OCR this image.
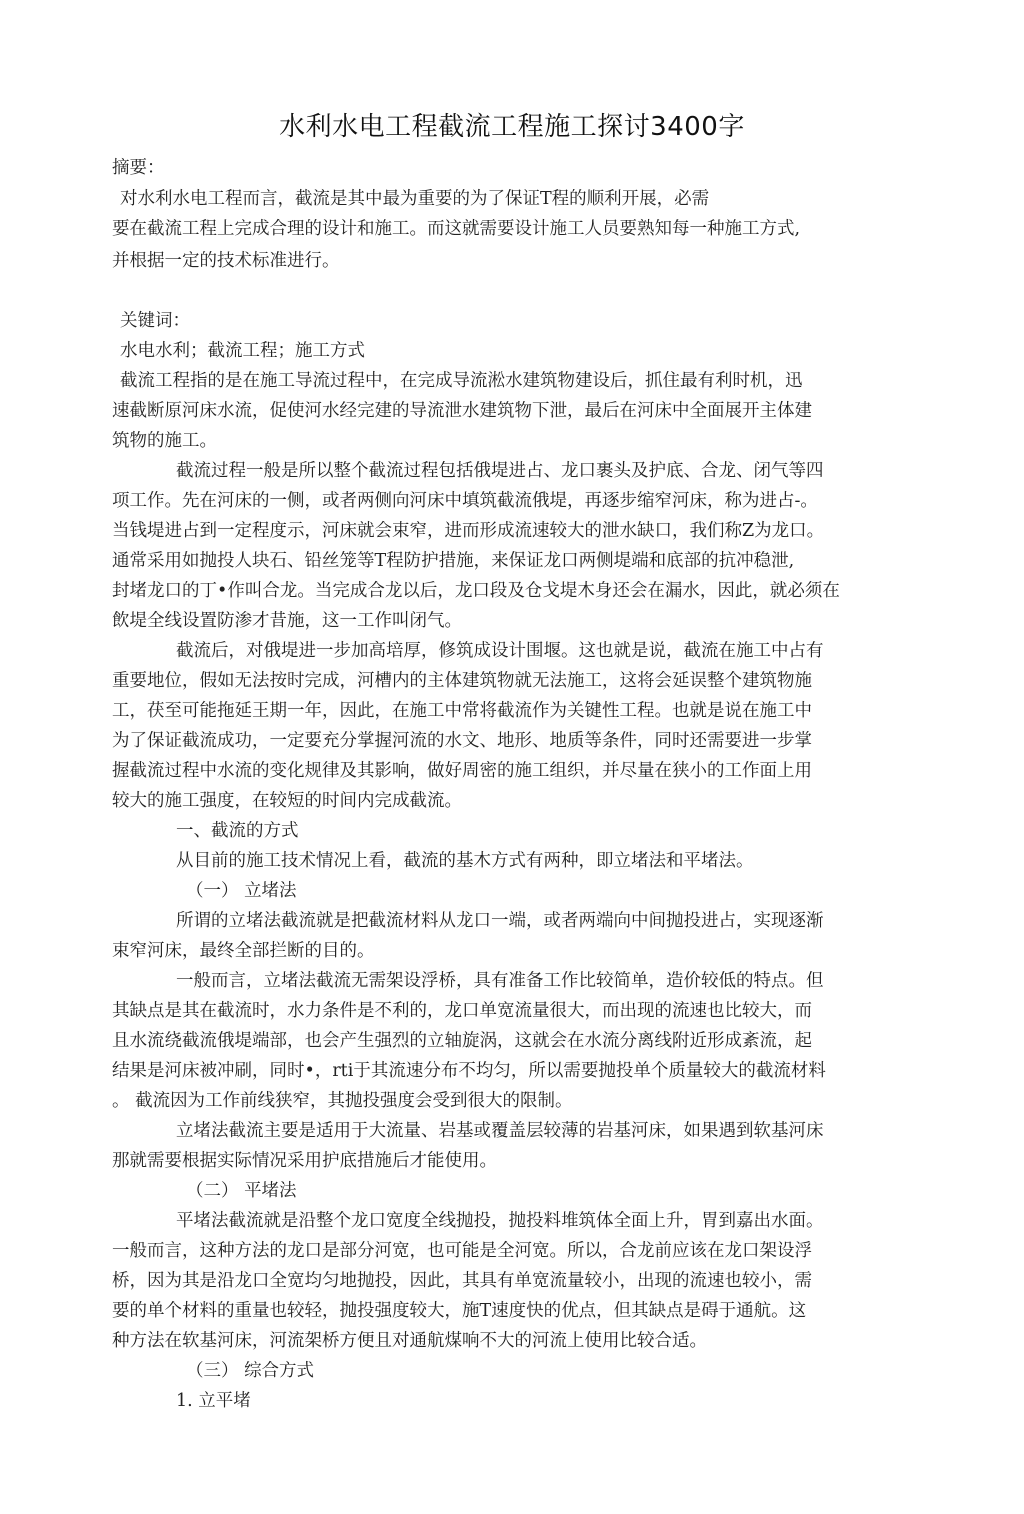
水利水电工程截流工程施工探讨3400字
摘要：
对水利水电工程而言，截流是其中最为重要的为了保证T程的顺利开展，必需
要在截流工程上完成合理的设计和施工。而这就需要设计施工人员要熟知每一种施工方式,
并根据一定的技术标准进行。
关键词：
水电水利；截流工程；施工方式
截流工程指的是在施工导流过程中，在完成导流淞水建筑物建设后，抓住最有利时机，迅
速截断原河床水流，促使河水经完建的导流泄水建筑物下泄，最后在河床中全面展开主体建
筑物的施工。
截流过程一般是所以整个截流过程包括俄堤进占、龙口裹头及护底、合龙、闭气等四
项工作。先在河床的一侧，或者两侧向河床中填筑截流俄堤，再逐步缩窄河床，称为进占-。
当钱堤进占到一定程度示，河床就会束窄，进而形成流速较大的泄水缺口，我们称Z为龙口。
通常采用如抛投人块石、铅丝笼等T程防护措施，来保证龙口两侧堤端和底部的抗冲稳泄,
封堵龙口的丁•作叫合龙。当完成合龙以后，龙口段及仓戈堤木身还会在漏水，因此，就必须在
飲堤全线设置防渗才昔施，这一工作叫闭气。
截流后，对俄堤进一步加高培厚，修筑成设计围堰。这也就是说，截流在施工中占有
重要地位，假如无法按时完成，河槽内的主体建筑物就无法施工，这将会延误整个建筑物施
工，茯至可能拖延王期一年，因此，在施工中常将截流作为关键性工程。也就是说在施工中
为了保证截流成功，一定要充分掌握河流的水文、地形、地质等条件，同时还需要进一步掌
握截流过程中水流的变化规律及其影响，做好周密的施工组织，并尽量在狭小的工作面上用
较大的施工强度，在较短的时间内完成截流。
一、截流的方式
从目前的施工技术情况上看，截流的基木方式有两种，即立堵法和平堵法。
（一） 立堵法
所谓的立堵法截流就是把截流材料从龙口一端，或者两端向中间抛投进占，实现逐渐
束窄河床，最终全部拦断的目的。
一般而言，立堵法截流无需架设浮桥，具有准备工作比较简单，造价较低的特点。但
其缺点是其在截流时，水力条件是不利的，龙口单宽流量很大，而出现的流速也比较大，而
且水流绕截流俄堤端部，也会产生强烈的立轴旋涡，这就会在水流分离线附近形成紊流，起
结果是河床被冲刷，同时•，rti于其流速分布不均匀，所以需要抛投单个质量较大的截流材料
。 截流因为工作前线狭窄，其抛投强度会受到很大的限制。
立堵法截流主要是适用于大流量、岩基或覆盖层较薄的岩基河床，如果遇到软基河床
那就需要根据实际情况采用护底措施后才能使用。
（二） 平堵法
平堵法截流就是沿整个龙口宽度全线抛投，抛投料堆筑体全面上升，胃到嘉出水面。
一般而言，这种方法的龙口是部分河宽，也可能是全河宽。所以，合龙前应该在龙口架设浮
桥，因为其是沿龙口全宽均匀地抛投，因此，其具有单宽流量较小，出现的流速也较小，需
要的单个材料的重量也较轻，抛投强度较大，施T速度快的优点，但其缺点是碍于通航。这
种方法在软基河床，河流架桥方便且对通航煤响不大的河流上使用比较合适。
（三） 综合方式
1. 立平堵
